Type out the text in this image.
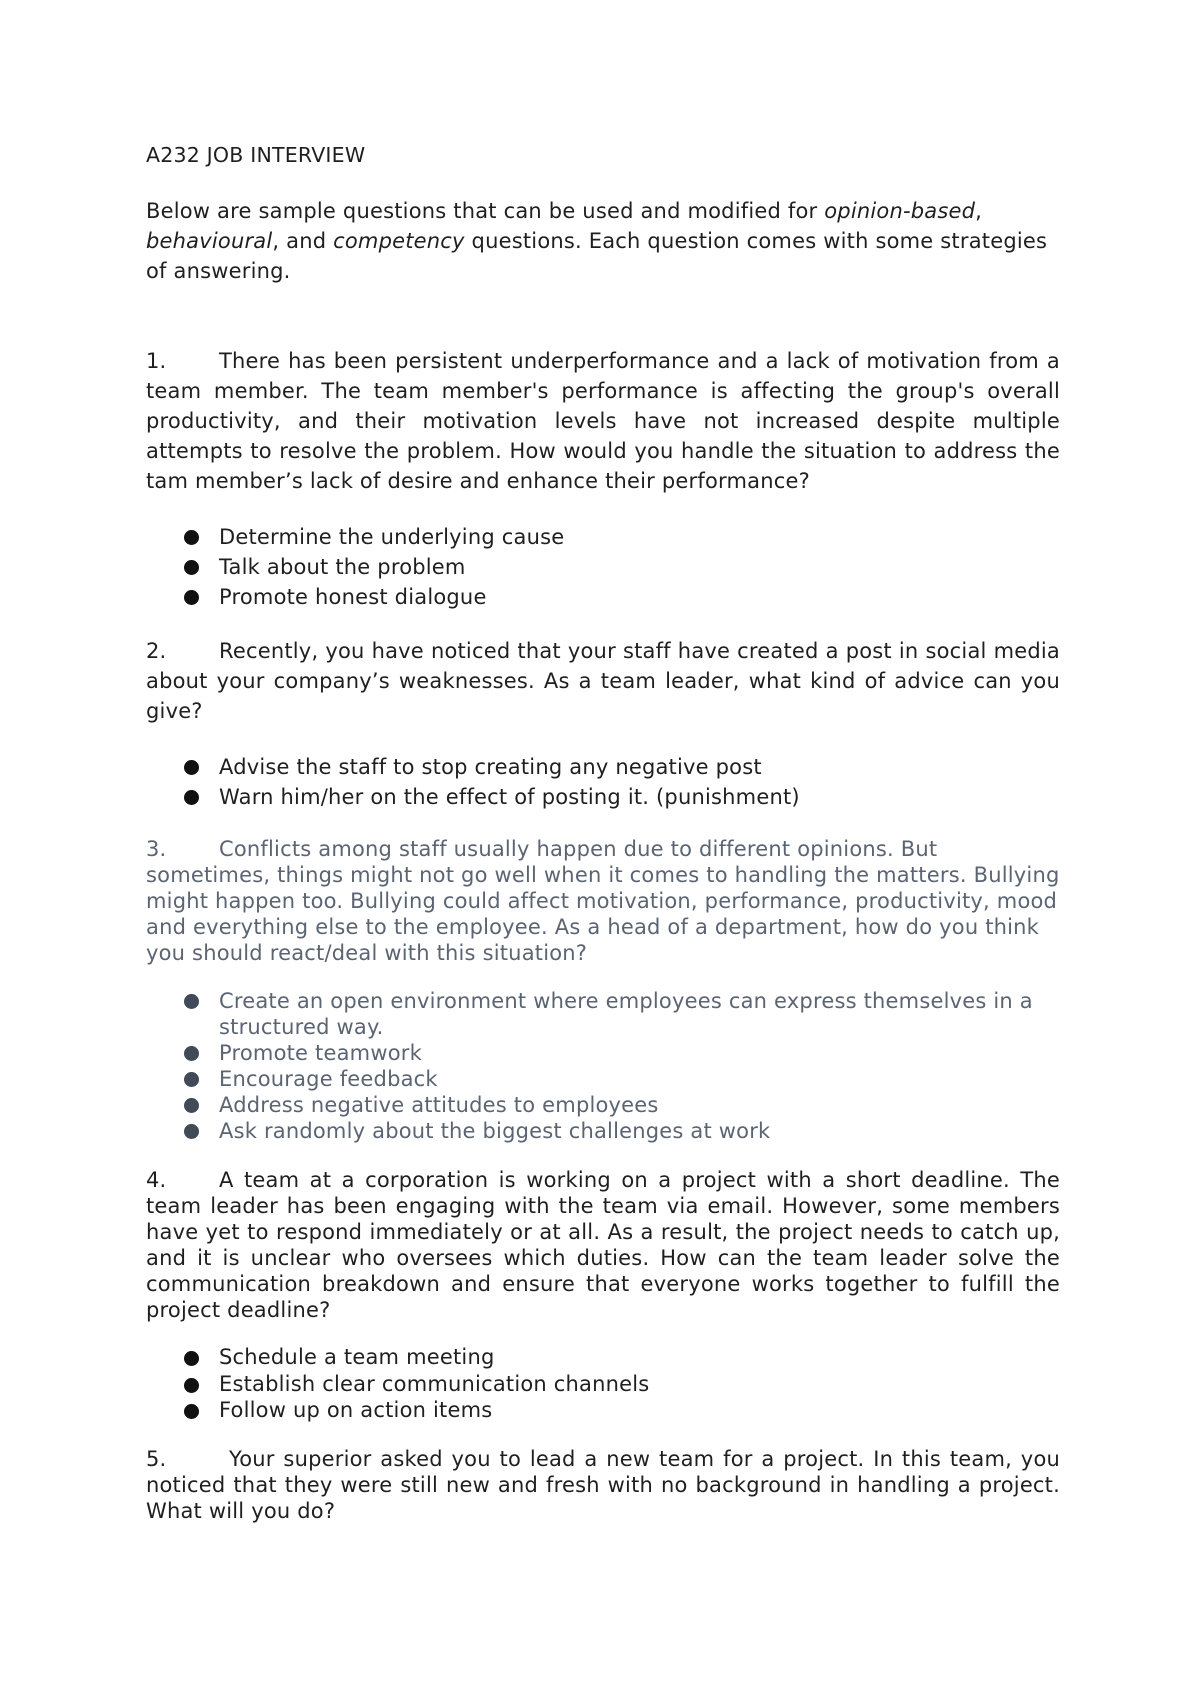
A232 JOB INTERVIEW

Below are sample questions that can be used and modified for opinion-based, behavioural, and competency questions. Each question comes with some strategies of answering.

1.	There has been persistent underperformance and a lack of motivation from a team member. The team member's performance is affecting the group's overall productivity, and their motivation levels have not increased despite multiple attempts to resolve the problem. How would you handle the situation to address the tam member’s lack of desire and enhance their performance?

Determine the underlying cause
Talk about the problem
Promote honest dialogue

2.	Recently, you have noticed that your staff have created a post in social media about your company’s weaknesses. As a team leader, what kind of advice can you give?

Advise the staff to stop creating any negative post
Warn him/her on the effect of posting it. (punishment)

3.	Conflicts among staff usually happen due to different opinions. But sometimes, things might not go well when it comes to handling the matters. Bullying might happen too. Bullying could affect motivation, performance, productivity, mood and everything else to the employee. As a head of a department, how do you think you should react/deal with this situation?

Create an open environment where employees can express themselves in a structured way.
Promote teamwork
Encourage feedback
Address negative attitudes to employees
Ask randomly about the biggest challenges at work

4.	A team at a corporation is working on a project with a short deadline. The team leader has been engaging with the team via email. However, some members have yet to respond immediately or at all. As a result, the project needs to catch up, and it is unclear who oversees which duties. How can the team leader solve the communication breakdown and ensure that everyone works together to fulfill the project deadline?

Schedule a team meeting
Establish clear communication channels
Follow up on action items

5.	Your superior asked you to lead a new team for a project. In this team, you noticed that they were still new and fresh with no background in handling a project. What will you do?
